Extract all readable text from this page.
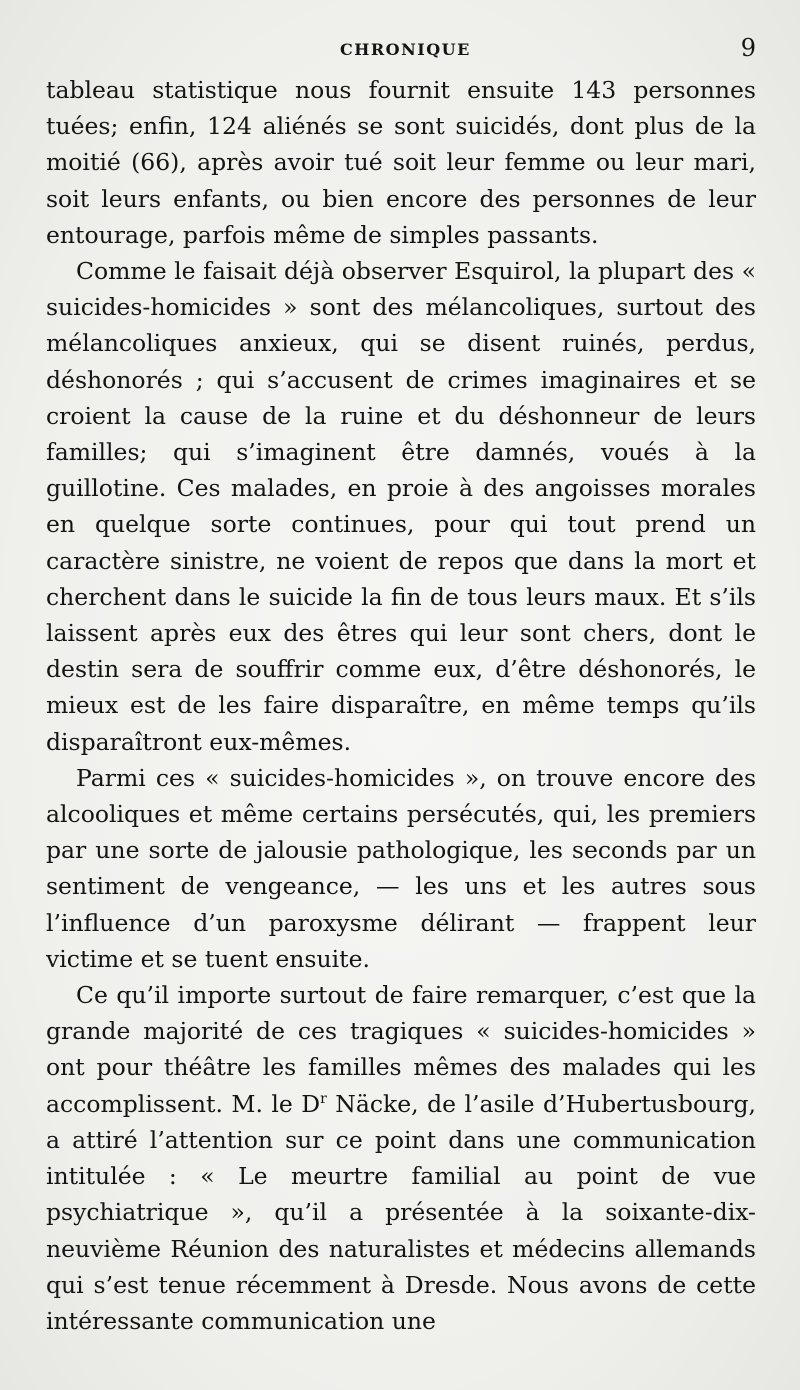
CHRONIQUE	9

tableau statistique nous fournit ensuite 143 personnes tuées; enfin, 124 aliénés se sont suicidés, dont plus de la moitié (66), après avoir tué soit leur femme ou leur mari, soit leurs enfants, ou bien encore des personnes de leur entourage, parfois même de simples passants.

Comme le faisait déjà observer Esquirol, la plupart des « suicides-homicides » sont des mélancoliques, surtout des mélancoliques anxieux, qui se disent ruinés, perdus, déshonorés ; qui s’accusent de crimes imaginaires et se croient la cause de la ruine et du déshonneur de leurs familles; qui s’imaginent être damnés, voués à la guillotine. Ces malades, en proie à des angoisses morales en quelque sorte continues, pour qui tout prend un caractère sinistre, ne voient de repos que dans la mort et cherchent dans le suicide la fin de tous leurs maux. Et s’ils laissent après eux des êtres qui leur sont chers, dont le destin sera de souffrir comme eux, d’être déshonorés, le mieux est de les faire disparaître, en même temps qu’ils disparaîtront eux-mêmes.

Parmi ces « suicides-homicides », on trouve encore des alcooliques et même certains persécutés, qui, les premiers par une sorte de jalousie pathologique, les seconds par un sentiment de vengeance, — les uns et les autres sous l’influence d’un paroxysme délirant — frappent leur victime et se tuent ensuite.

Ce qu’il importe surtout de faire remarquer, c’est que la grande majorité de ces tragiques « suicides-homicides » ont pour théâtre les familles mêmes des malades qui les accomplissent. M. le $D^r$ Näcke, de l’asile d’Hubertusbourg, a attiré l’attention sur ce point dans une communication intitulée : « Le meurtre familial au point de vue psychiatrique », qu’il a présentée à la soixante-dix-neuvième Réunion des naturalistes et médecins allemands qui s’est tenue récemment à Dresde. Nous avons de cette intéressante communication une
